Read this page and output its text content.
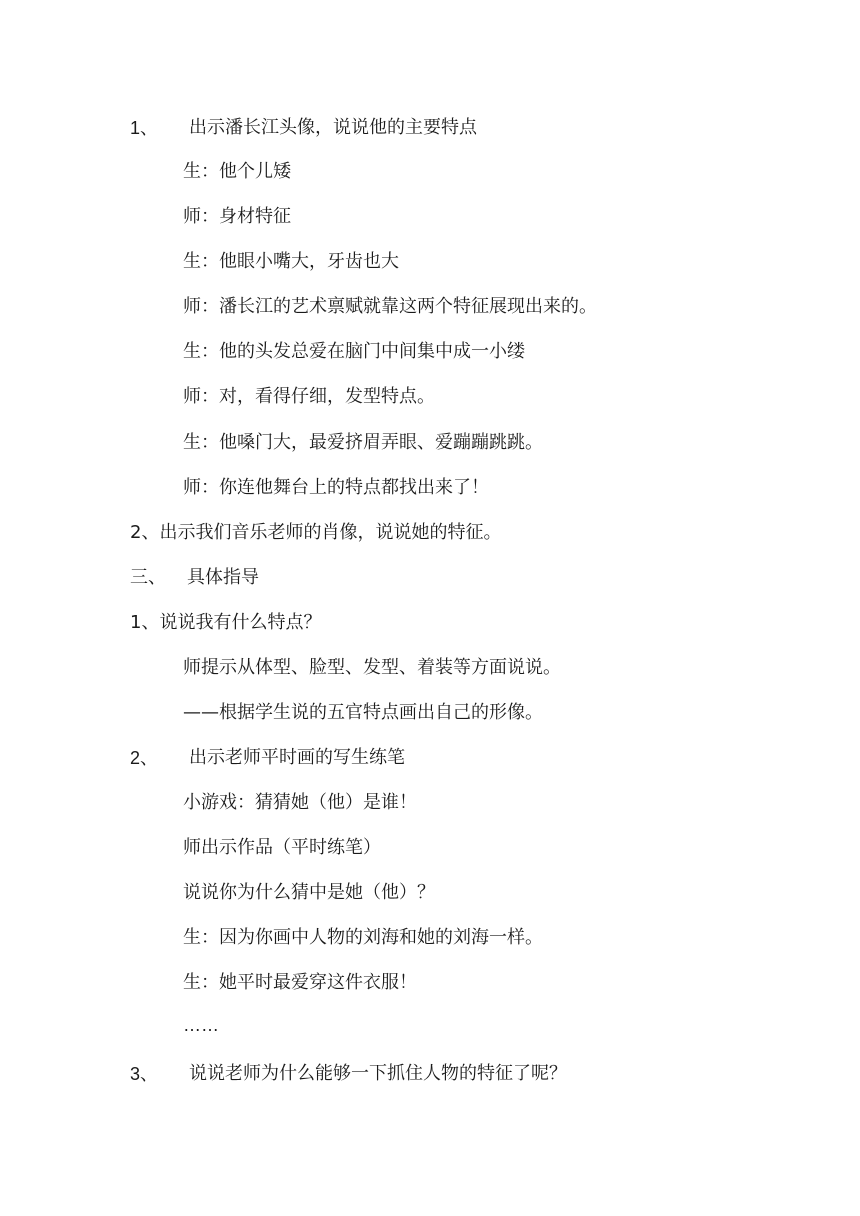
1、 出示潘长江头像，说说他的主要特点
生：他个儿矮
师：身材特征
生：他眼小嘴大，牙齿也大
师：潘长江的艺术禀赋就靠这两个特征展现出来的。
生：他的头发总爱在脑门中间集中成一小缕
师：对，看得仔细，发型特点。
生：他嗓门大，最爱挤眉弄眼、爱蹦蹦跳跳。
师：你连他舞台上的特点都找出来了！
2、出示我们音乐老师的肖像，说说她的特征。
三、 具体指导
1、说说我有什么特点？
师提示从体型、脸型、发型、着装等方面说说。
——根据学生说的五官特点画出自己的形像。
2、 出示老师平时画的写生练笔
小游戏：猜猜她（他）是谁！
师出示作品（平时练笔）
说说你为什么猜中是她（他）？
生：因为你画中人物的刘海和她的刘海一样。
生：她平时最爱穿这件衣服！
……
3、 说说老师为什么能够一下抓住人物的特征了呢？
